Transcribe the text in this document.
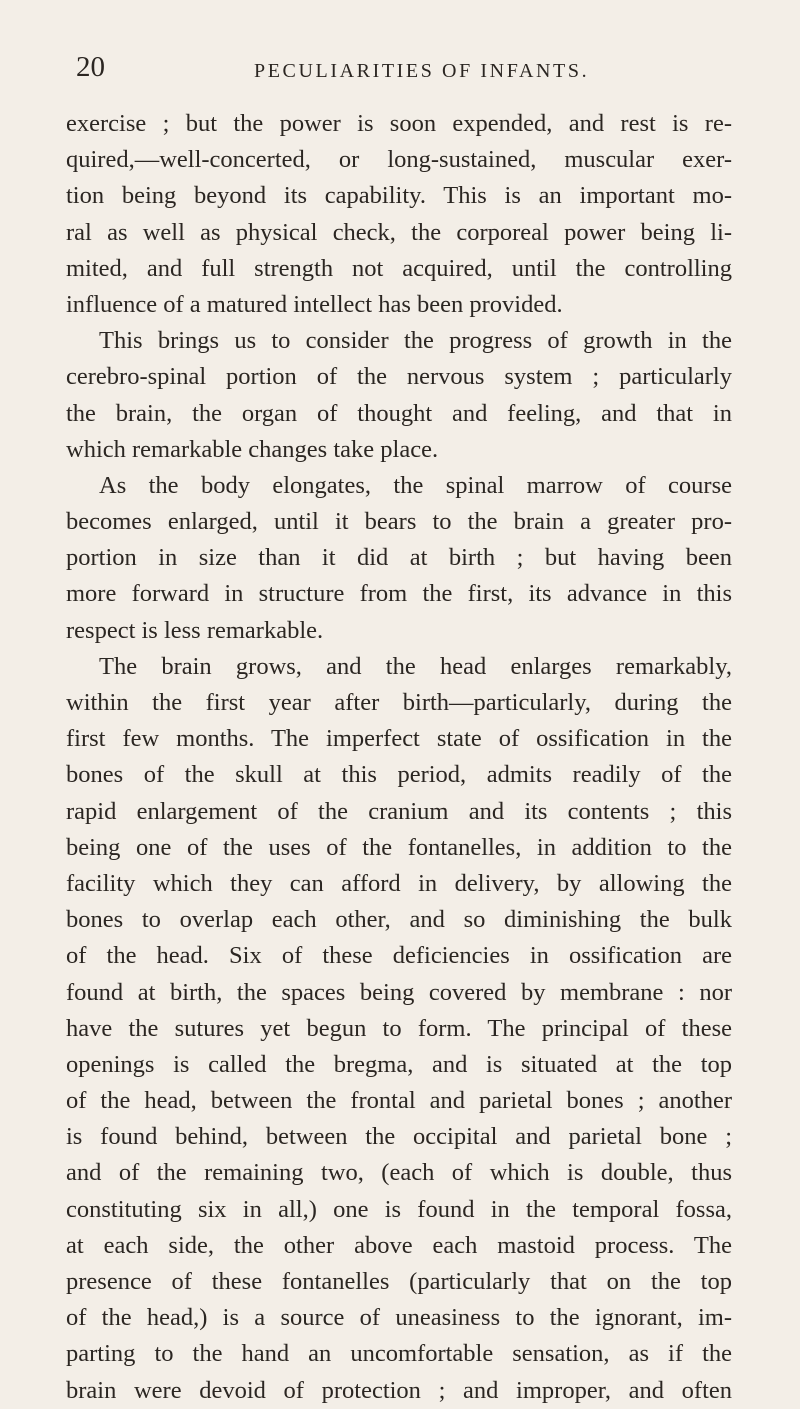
20	PECULIARITIES OF INFANTS.
exercise ; but the power is soon expended, and rest is re-
quired,—well-concerted, or long-sustained, muscular exer-
tion being beyond its capability. This is an important mo-
ral as well as physical check, the corporeal power being li-
mited, and full strength not acquired, until the controlling
influence of a matured intellect has been provided.
This brings us to consider the progress of growth in the
cerebro-spinal portion of the nervous system ; particularly
the brain, the organ of thought and feeling, and that in
which remarkable changes take place.
As the body elongates, the spinal marrow of course
becomes enlarged, until it bears to the brain a greater pro-
portion in size than it did at birth ; but having been
more forward in structure from the first, its advance in this
respect is less remarkable.
The brain grows, and the head enlarges remarkably,
within the first year after birth—particularly, during the
first few months. The imperfect state of ossification in the
bones of the skull at this period, admits readily of the
rapid enlargement of the cranium and its contents ; this
being one of the uses of the fontanelles, in addition to the
facility which they can afford in delivery, by allowing the
bones to overlap each other, and so diminishing the bulk
of the head. Six of these deficiencies in ossification are
found at birth, the spaces being covered by membrane : nor
have the sutures yet begun to form. The principal of these
openings is called the bregma, and is situated at the top
of the head, between the frontal and parietal bones ; another
is found behind, between the occipital and parietal bone ;
and of the remaining two, (each of which is double, thus
constituting six in all,) one is found in the temporal fossa,
at each side, the other above each mastoid process. The
presence of these fontanelles (particularly that on the top
of the head,) is a source of uneasiness to the ignorant, im-
parting to the hand an uncomfortable sensation, as if the
brain were devoid of protection ; and improper, and often
